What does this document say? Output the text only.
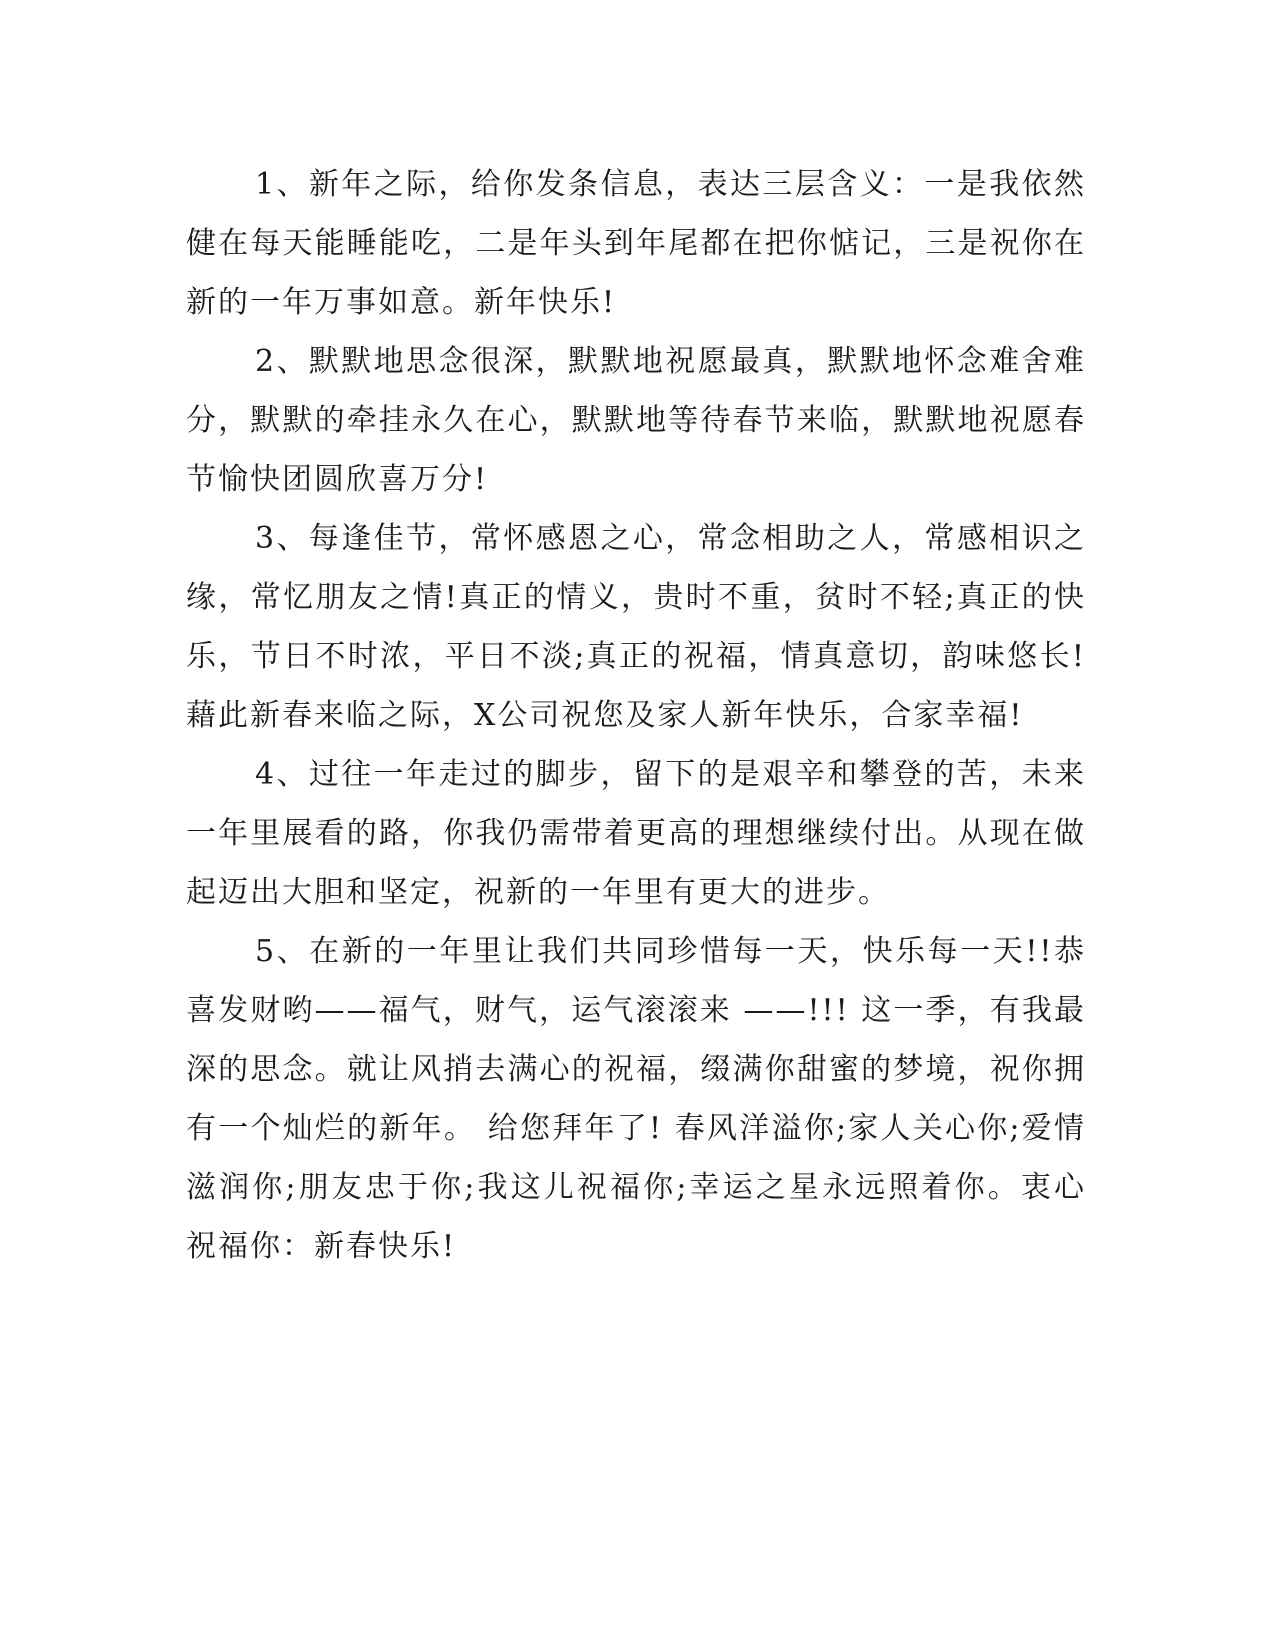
1、新年之际，给你发条信息，表达三层含义：一是我依然健在每天能睡能吃，二是年头到年尾都在把你惦记，三是祝你在新的一年万事如意。新年快乐!

2、默默地思念很深，默默地祝愿最真，默默地怀念难舍难分，默默的牵挂永久在心，默默地等待春节来临，默默地祝愿春节愉快团圆欣喜万分!

3、每逢佳节，常怀感恩之心，常念相助之人，常感相识之缘，常忆朋友之情!真正的情义，贵时不重，贫时不轻;真正的快乐，节日不时浓，平日不淡;真正的祝福，情真意切，韵味悠长!藉此新春来临之际，X公司祝您及家人新年快乐，合家幸福!

4、过往一年走过的脚步，留下的是艰辛和攀登的苦，未来一年里展看的路，你我仍需带着更高的理想继续付出。从现在做起迈出大胆和坚定，祝新的一年里有更大的进步。

5、在新的一年里让我们共同珍惜每一天，快乐每一天!!恭喜发财哟——福气，财气，运气滚滚来 ——!!! 这一季，有我最深的思念。就让风捎去满心的祝福，缀满你甜蜜的梦境，祝你拥有一个灿烂的新年。 给您拜年了! 春风洋溢你;家人关心你;爱情滋润你;朋友忠于你;我这儿祝福你;幸运之星永远照着你。衷心祝福你：新春快乐!
